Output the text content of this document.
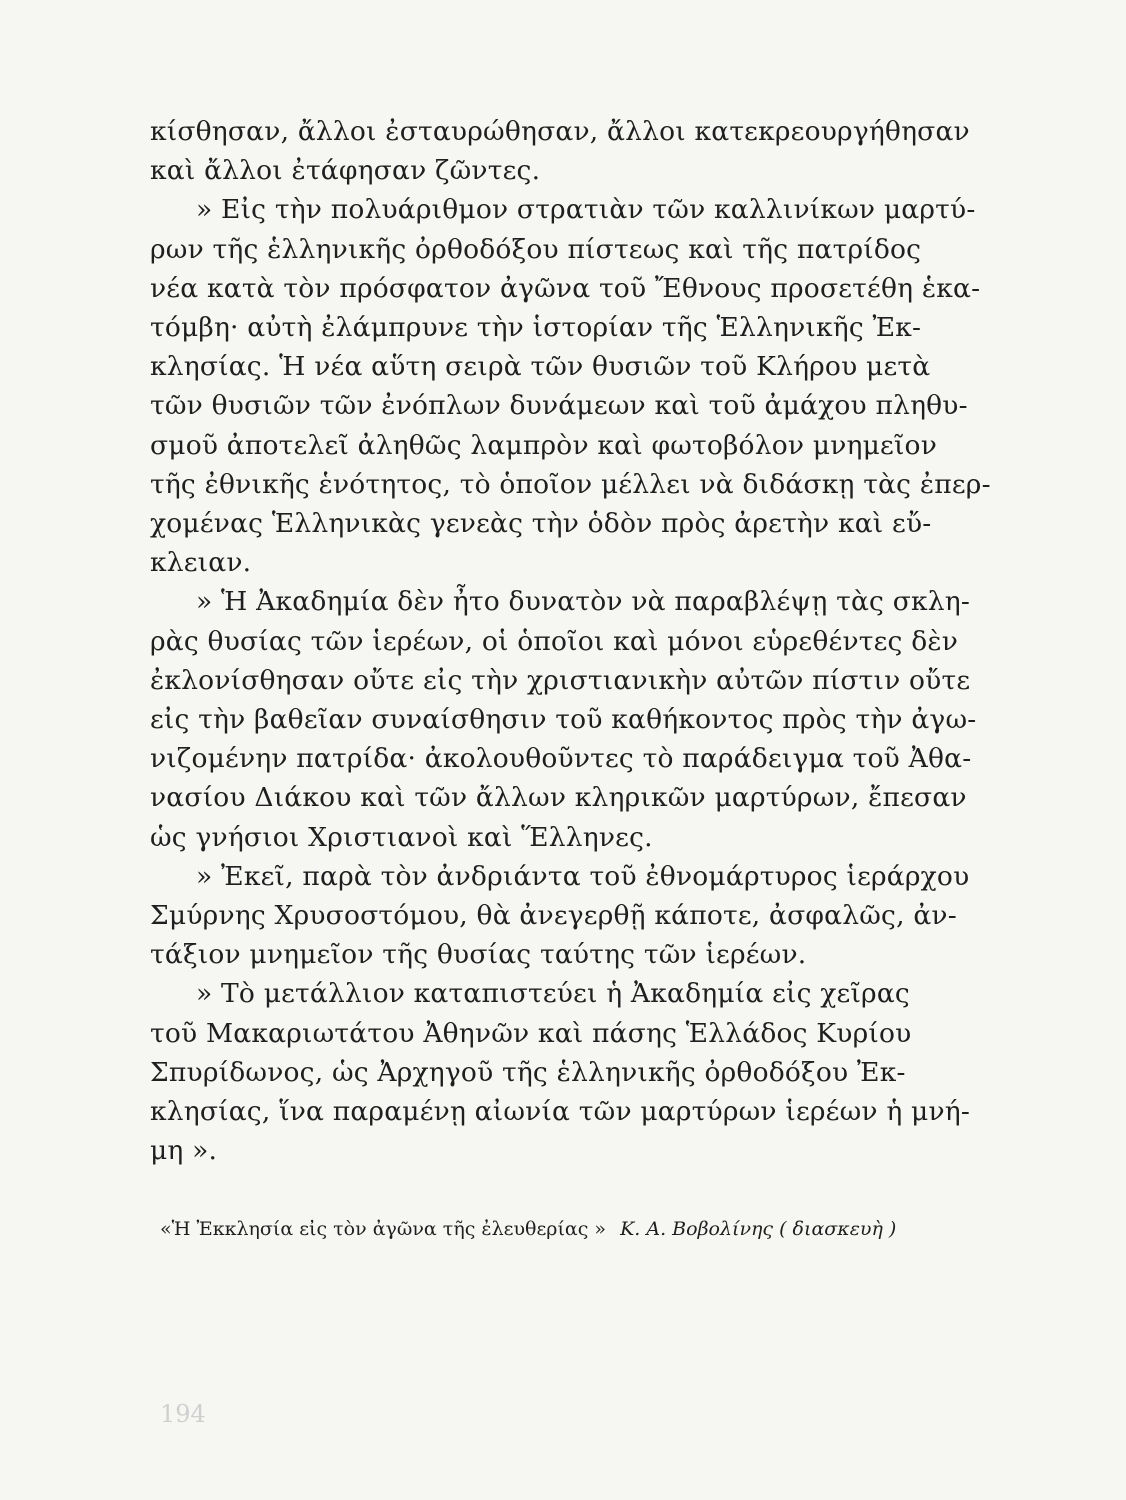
κίσθησαν, ἄλλοι ἐσταυρώθησαν, ἄλλοι κατεκρεουργήθησαν
καὶ ἄλλοι ἐτάφησαν ζῶντες.
» Εἰς τὴν πολυάριθμον στρατιὰν τῶν καλλινίκων μαρτύ-
ρων τῆς ἑλληνικῆς ὀρθοδόξου πίστεως καὶ τῆς πατρίδος
νέα κατὰ τὸν πρόσφατον ἀγῶνα τοῦ Ἔθνους προσετέθη ἑκα-
τόμβη· αὐτὴ ἐλάμπρυνε τὴν ἱστορίαν τῆς Ἑλληνικῆς Ἐκ-
κλησίας. Ἡ νέα αὕτη σειρὰ τῶν θυσιῶν τοῦ Κλήρου μετὰ
τῶν θυσιῶν τῶν ἐνόπλων δυνάμεων καὶ τοῦ ἀμάχου πληθυ-
σμοῦ ἀποτελεῖ ἀληθῶς λαμπρὸν καὶ φωτοβόλον μνημεῖον
τῆς ἐθνικῆς ἑνότητος, τὸ ὁποῖον μέλλει νὰ διδάσκῃ τὰς ἐπερ-
χομένας Ἑλληνικὰς γενεὰς τὴν ὁδὸν πρὸς ἀρετὴν καὶ εὔ-
κλειαν.
» Ἡ Ἀκαδημία δὲν ἦτο δυνατὸν νὰ παραβλέψῃ τὰς σκλη-
ρὰς θυσίας τῶν ἱερέων, οἱ ὁποῖοι καὶ μόνοι εὑρεθέντες δὲν
ἐκλονίσθησαν οὔτε εἰς τὴν χριστιανικὴν αὐτῶν πίστιν οὔτε
εἰς τὴν βαθεῖαν συναίσθησιν τοῦ καθήκοντος πρὸς τὴν ἀγω-
νιζομένην πατρίδα· ἀκολουθοῦντες τὸ παράδειγμα τοῦ Ἀθα-
νασίου Διάκου καὶ τῶν ἄλλων κληρικῶν μαρτύρων, ἔπεσαν
ὡς γνήσιοι Χριστιανοὶ καὶ Ἕλληνες.
» Ἐκεῖ, παρὰ τὸν ἀνδριάντα τοῦ ἐθνομάρτυρος ἱεράρχου
Σμύρνης Χρυσοστόμου, θὰ ἀνεγερθῇ κάποτε, ἀσφαλῶς, ἀν-
τάξιον μνημεῖον τῆς θυσίας ταύτης τῶν ἱερέων.
» Τὸ μετάλλιον καταπιστεύει ἡ Ἀκαδημία εἰς χεῖρας
τοῦ Μακαριωτάτου Ἀθηνῶν καὶ πάσης Ἑλλάδος Κυρίου
Σπυρίδωνος, ὡς Ἀρχηγοῦ τῆς ἑλληνικῆς ὀρθοδόξου Ἐκ-
κλησίας, ἵνα παραμένῃ αἰωνία τῶν μαρτύρων ἱερέων ἡ μνή-
μη ».
«Ἡ Ἐκκλησία εἰς τὸν ἀγῶνα τῆς ἐλευθερίας » Κ. Α. Βοβολίνης ( διασκευὴ )
194
